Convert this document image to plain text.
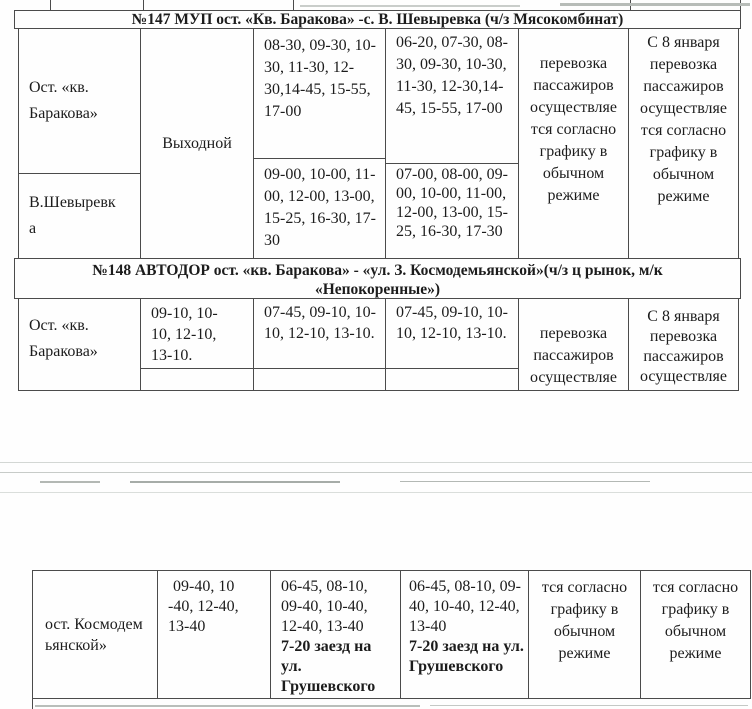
№147 МУП ост. «Кв. Баракова» -с. В. Шевыревка (ч/з Мясокомбинат)
Ост. «кв. Баракова»
В.Шевыревка
Выходной
08-30, 09-30, 10-30, 11-30, 12-30,14-45, 15-55, 17-00
09-00, 10-00, 11-00, 12-00, 13-00, 15-25, 16-30, 17-30
06-20, 07-30, 08-30, 09-30, 10-30, 11-30, 12-30,14-45, 15-55, 17-00
07-00, 08-00, 09-00, 10-00, 11-00, 12-00, 13-00, 15-25, 16-30, 17-30
перевозка пассажиров осуществляе тся согласно графику в обычном режиме
С 8 января перевозка пассажиров осуществляе тся согласно графику в обычном режиме
№148 АВТОДОР ост. «кв. Баракова» - «ул. З. Космодемьянской»(ч/з ц рынок, м/к «Непокоренные»)
Ост. «кв. Баракова»
09-10, 10-10, 12-10, 13-10.
07-45, 09-10, 10-10, 12-10, 13-10.
07-45, 09-10, 10-10, 12-10, 13-10.	перевозка пассажиров осуществляе
С 8 января перевозка пассажиров осуществляе
ост. Космодемьянской»
09-40, 10-40, 12-40, 13-40
06-45, 08-10, 09-40, 10-40, 12-40, 13-40
7-20 заезд на ул. Грушевского
06-45, 08-10, 09-40, 10-40, 12-40, 13-40
7-20 заезд на ул. Грушевского
тся согласно графику в обычном режиме
тся согласно графику в обычном режиме
